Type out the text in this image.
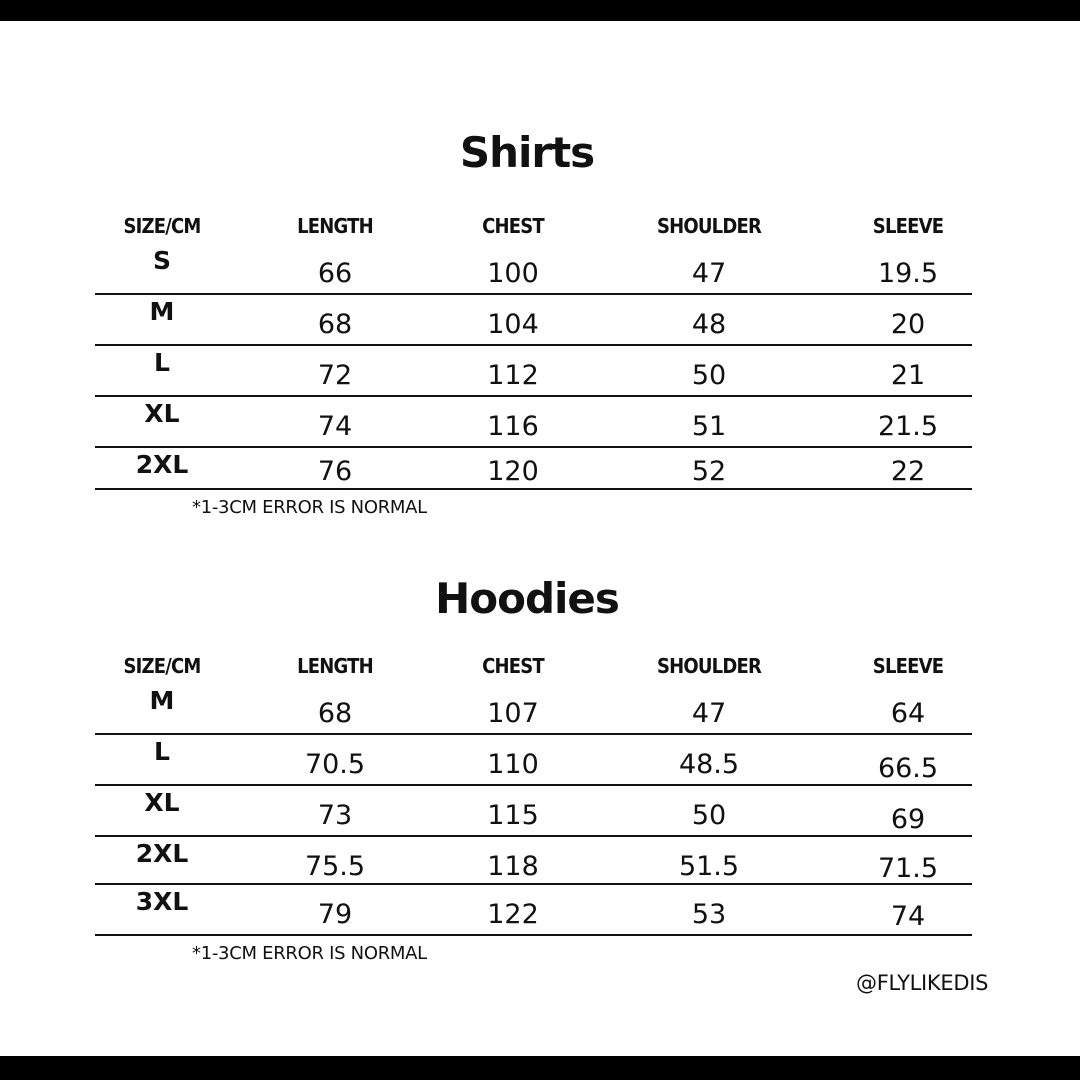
Shirts
SIZE/CM	LENGTH	CHEST	SHOULDER	SLEEVE
S	66	100	47	19.5
M	68	104	48	20
L	72	112	50	21
XL	74	116	51	21.5
2XL	76	120	52	22
*1-3CM ERROR IS NORMAL
Hoodies
SIZE/CM	LENGTH	CHEST	SHOULDER	SLEEVE
M	68	107	47	64
L	70.5	110	48.5	66.5
XL	73	115	50	69
2XL	75.5	118	51.5	71.5
3XL	79	122	53	74
*1-3CM ERROR IS NORMAL
@FLYLIKEDIS
